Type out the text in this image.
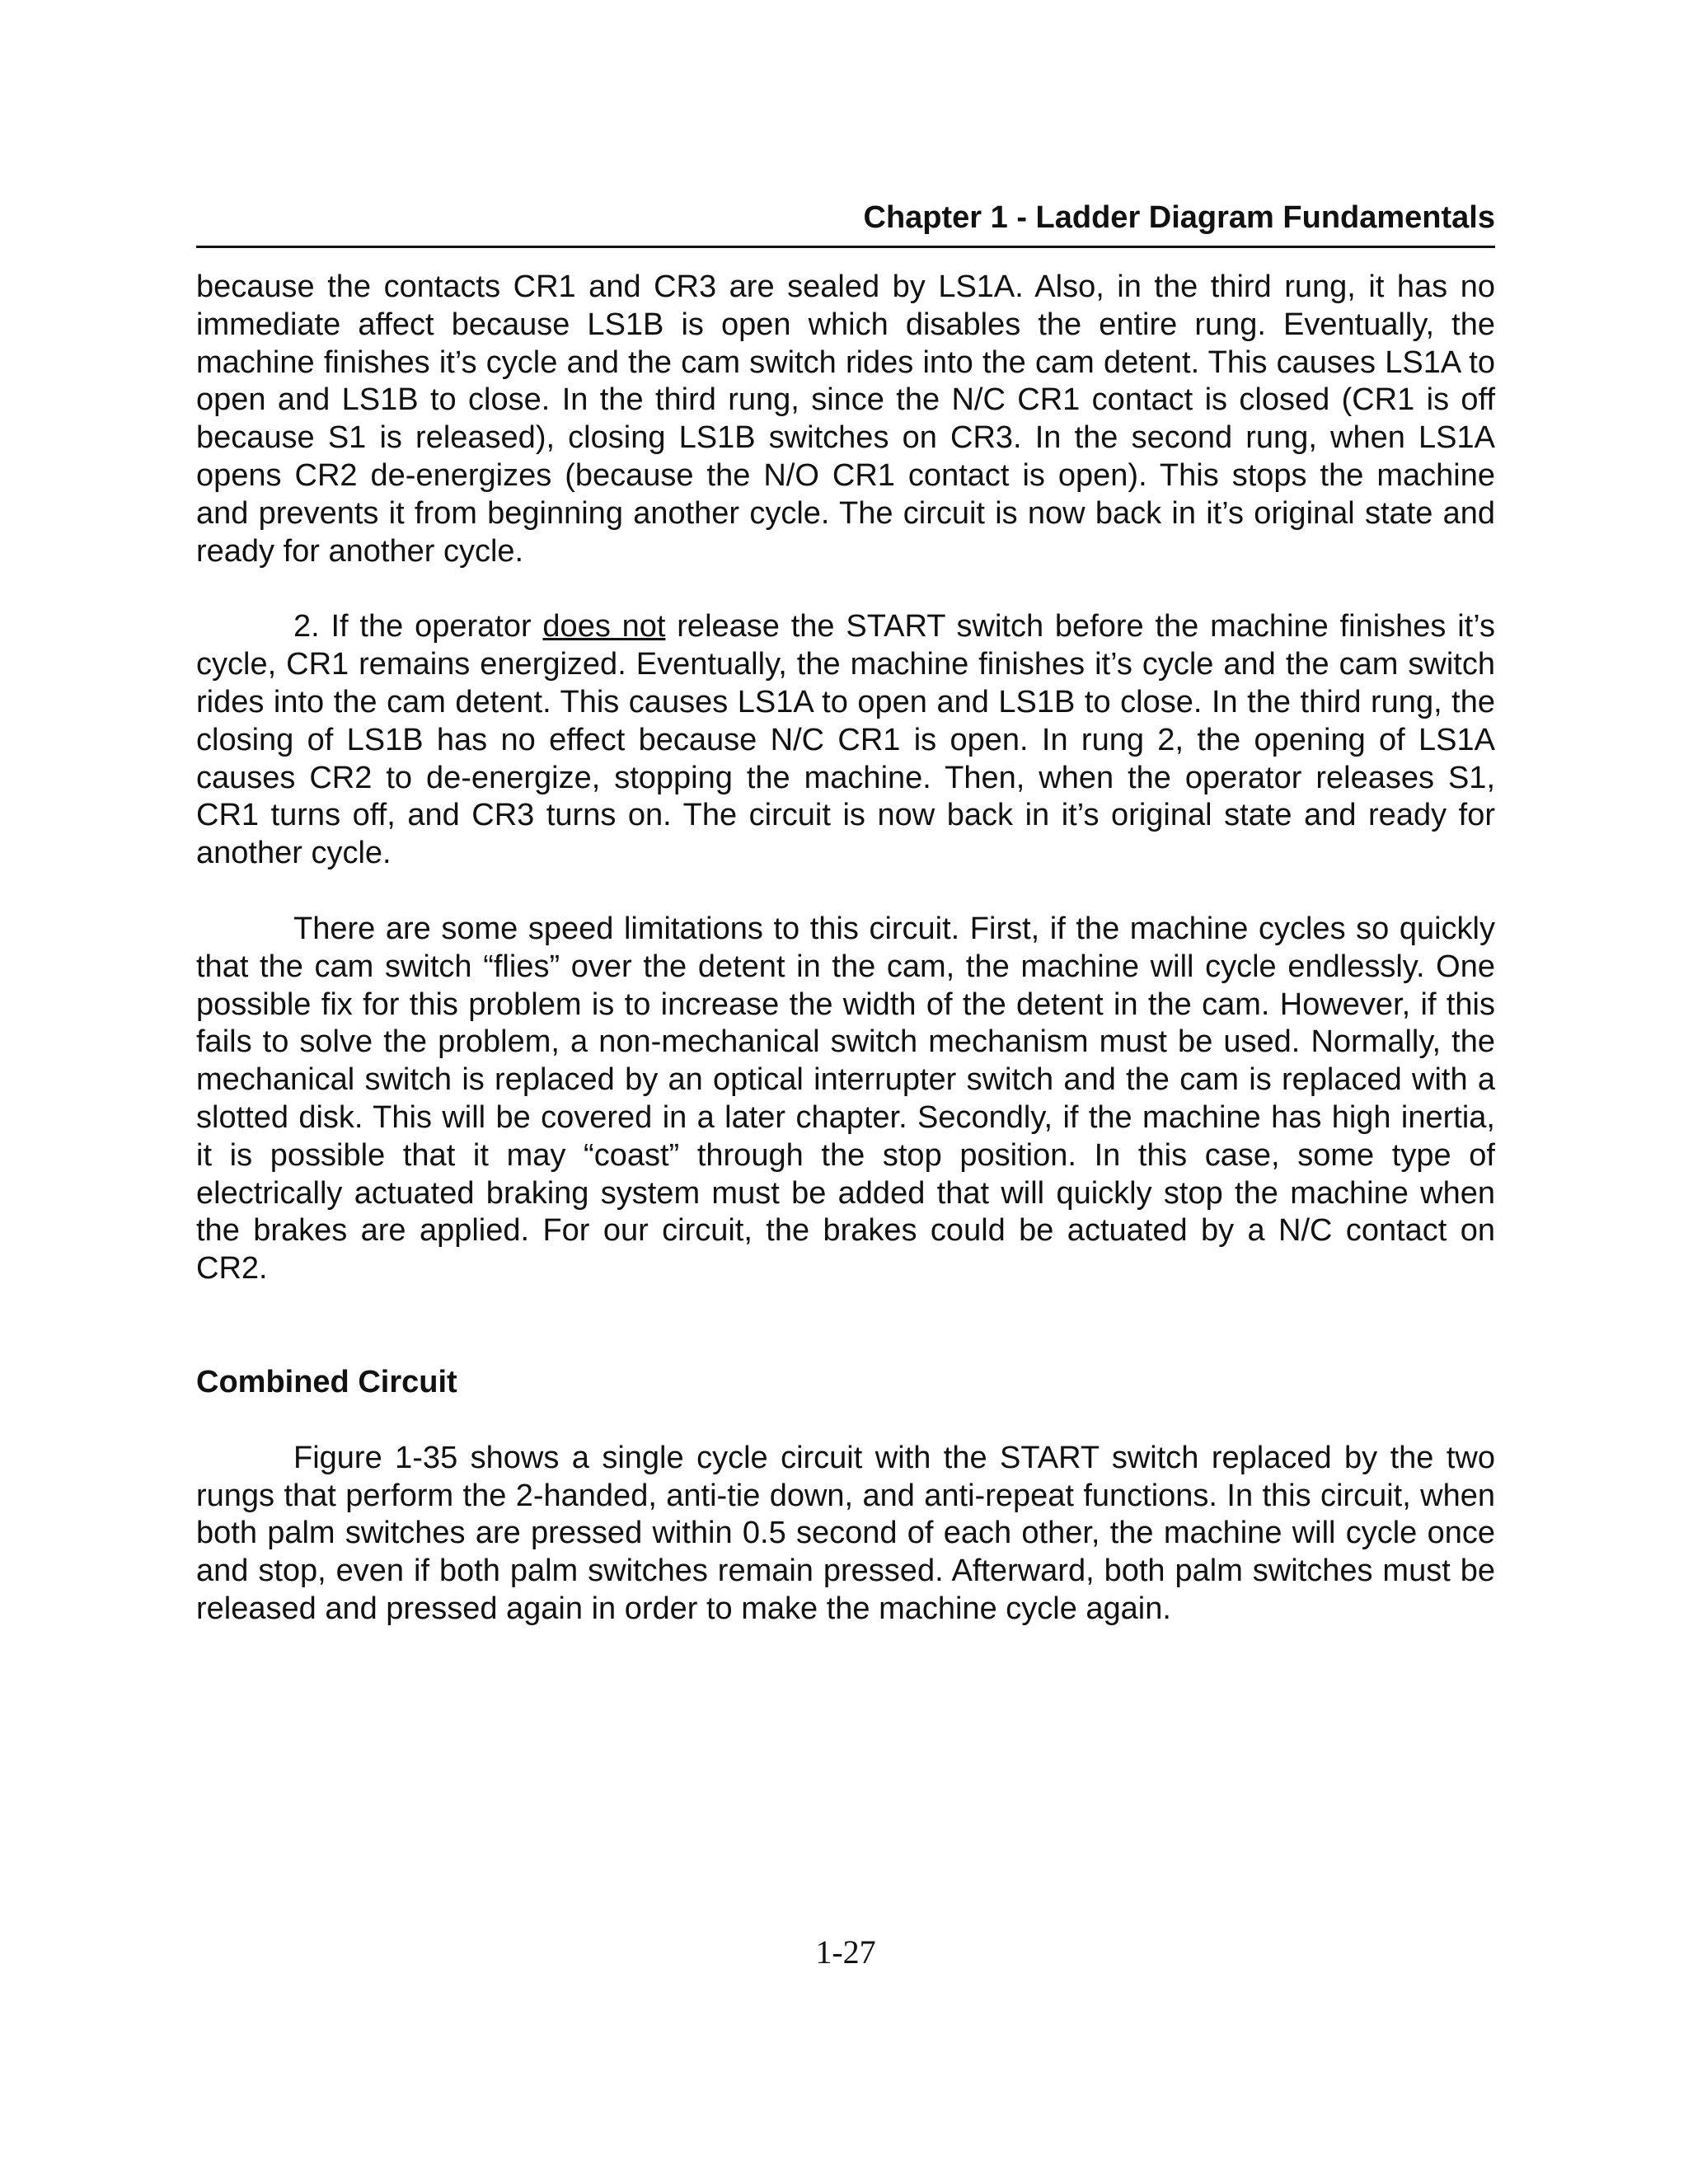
Chapter 1 - Ladder Diagram Fundamentals

because the contacts CR1 and CR3 are sealed by LS1A. Also, in the third rung, it has no immediate affect because LS1B is open which disables the entire rung. Eventually, the machine finishes it’s cycle and the cam switch rides into the cam detent. This causes LS1A to open and LS1B to close. In the third rung, since the N/C CR1 contact is closed (CR1 is off because S1 is released), closing LS1B switches on CR3. In the second rung, when LS1A opens CR2 de-energizes (because the N/O CR1 contact is open). This stops the machine and prevents it from beginning another cycle. The circuit is now back in it’s original state and ready for another cycle.

2. If the operator does not release the START switch before the machine finishes it’s cycle, CR1 remains energized. Eventually, the machine finishes it’s cycle and the cam switch rides into the cam detent. This causes LS1A to open and LS1B to close. In the third rung, the closing of LS1B has no effect because N/C CR1 is open. In rung 2, the opening of LS1A causes CR2 to de-energize, stopping the machine. Then, when the operator releases S1, CR1 turns off, and CR3 turns on. The circuit is now back in it’s original state and ready for another cycle.

There are some speed limitations to this circuit. First, if the machine cycles so quickly that the cam switch “flies” over the detent in the cam, the machine will cycle endlessly. One possible fix for this problem is to increase the width of the detent in the cam. However, if this fails to solve the problem, a non-mechanical switch mechanism must be used. Normally, the mechanical switch is replaced by an optical interrupter switch and the cam is replaced with a slotted disk. This will be covered in a later chapter. Secondly, if the machine has high inertia, it is possible that it may “coast” through the stop position. In this case, some type of electrically actuated braking system must be added that will quickly stop the machine when the brakes are applied. For our circuit, the brakes could be actuated by a N/C contact on CR2.

Combined Circuit

Figure 1-35 shows a single cycle circuit with the START switch replaced by the two rungs that perform the 2-handed, anti-tie down, and anti-repeat functions. In this circuit, when both palm switches are pressed within 0.5 second of each other, the machine will cycle once and stop, even if both palm switches remain pressed. Afterward, both palm switches must be released and pressed again in order to make the machine cycle again.

1-27
